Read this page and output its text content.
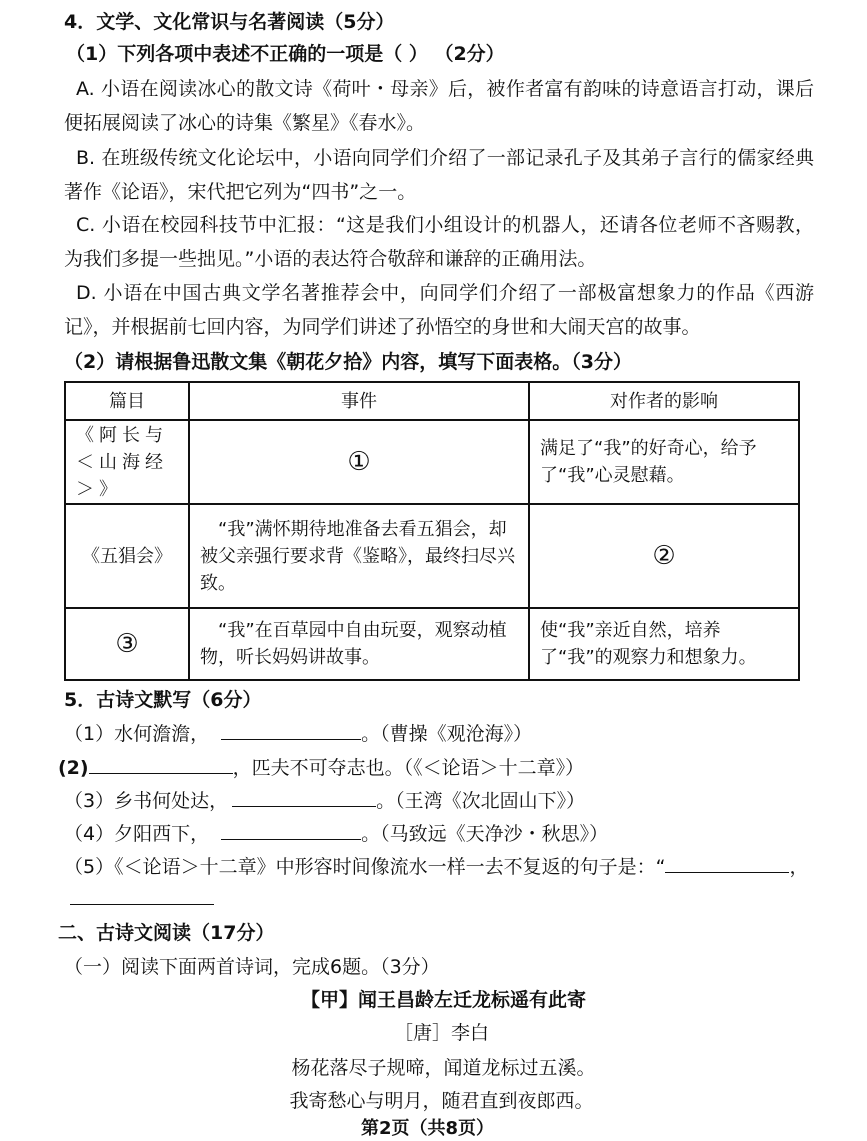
4．文学、文化常识与名著阅读（5分）
（1）下列各项中表述不正确的一项是（ ） （2分）
A. 小语在阅读冰心的散文诗《荷叶・母亲》后，被作者富有韵味的诗意语言打动，课后便拓展阅读了冰心的诗集《繁星》《春水》。
B. 在班级传统文化论坛中，小语向同学们介绍了一部记录孔子及其弟子言行的儒家经典著作《论语》，宋代把它列为“四书”之一。
C. 小语在校园科技节中汇报：“这是我们小组设计的机器人，还请各位老师不吝赐教，为我们多提一些拙见。”小语的表达符合敬辞和谦辞的正确用法。
D. 小语在中国古典文学名著推荐会中，向同学们介绍了一部极富想象力的作品《西游记》，并根据前七回内容，为同学们讲述了孙悟空的身世和大闹天宫的故事。
（2）请根据鲁迅散文集《朝花夕拾》内容，填写下面表格。（3分）
篇目	事件	对作者的影响
《阿长与＜山海经＞》	①	满足了“我”的好奇心，给予了“我”心灵慰藉。
《五猖会》	“我”满怀期待地准备去看五猖会，却被父亲强行要求背《鉴略》，最终扫尽兴致。	②
③	“我”在百草园中自由玩耍，观察动植物，听长妈妈讲故事。	使“我”亲近自然，培养了“我”的观察力和想象力。
5．古诗文默写（6分）
（1）水何澹澹，	。（曹操《观沧海》）
(2)	，匹夫不可夺志也。（《＜论语＞十二章》）
（3）乡书何处达，	。（王湾《次北固山下》）
（4）夕阳西下，	。（马致远《天净沙・秋思》）
（5）《＜论语＞十二章》中形容时间像流水一样一去不复返的句子是：“	，
二、古诗文阅读（17分）
（一）阅读下面两首诗词，完成6题。（3分）
【甲】闻王昌龄左迁龙标遥有此寄
［唐］李白
杨花落尽子规啼，闻道龙标过五溪。
我寄愁心与明月，随君直到夜郎西。
第2页（共8页）
